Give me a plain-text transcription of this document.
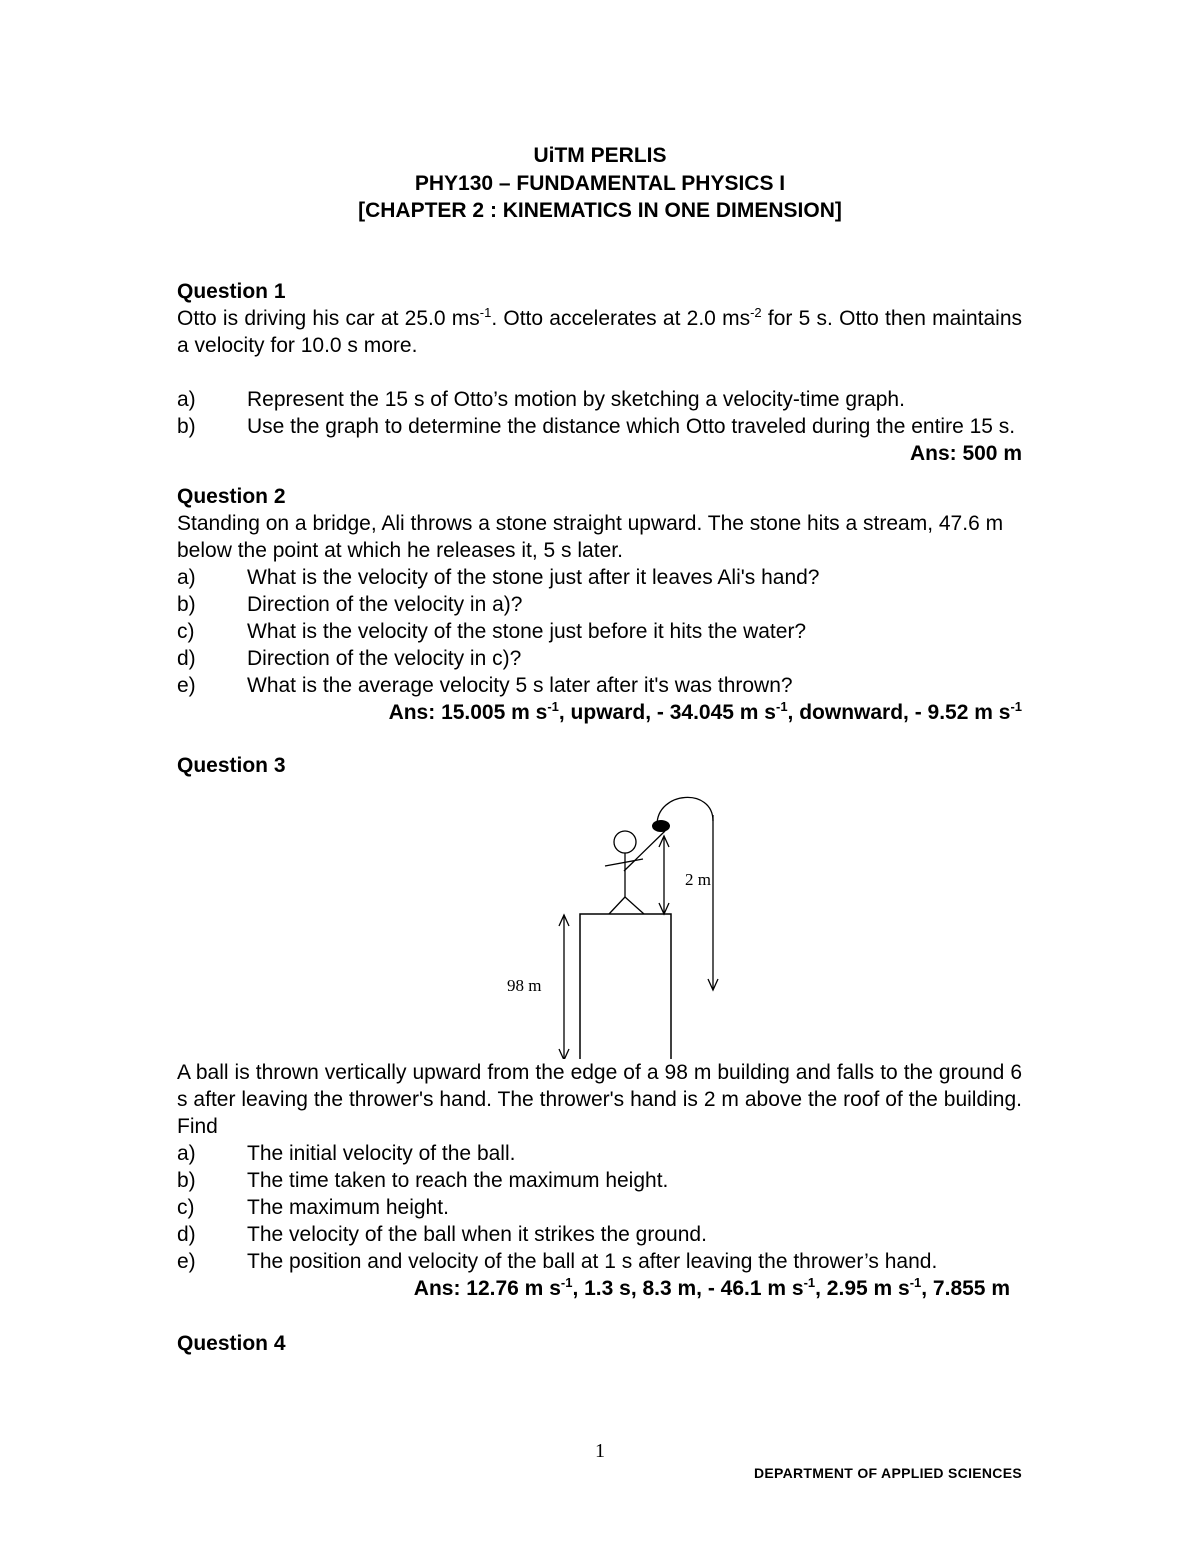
UiTM PERLIS
PHY130 – FUNDAMENTAL PHYSICS I
[CHAPTER 2 : KINEMATICS IN ONE DIMENSION]
Question 1

Otto is driving his car at 25.0 $ms^{-1}$. Otto accelerates at 2.0 $ms^{-2}$ for 5 s. Otto then maintains a velocity for 10.0 s more.

a)	Represent the 15 s of Otto’s motion by sketching a velocity-time graph.
b)	Use the graph to determine the distance which Otto traveled during the entire 15 s.
Ans: 500 m
Question 2

Standing on a bridge, Ali throws a stone straight upward. The stone hits a stream, 47.6 m below the point at which he releases it, 5 s later.

a)	What is the velocity of the stone just after it leaves Ali's hand?
b)	Direction of the velocity in a)?
c)	What is the velocity of the stone just before it hits the water?
d)	Direction of the velocity in c)?
e)	What is the average velocity 5 s later after it's was thrown?
Ans: 15.005 m $s^{-1}$, upward, - 34.045 m $s^{-1}$, downward, - 9.52 m $s^{-1}$
Question 3
2 m
98 m

A ball is thrown vertically upward from the edge of a 98 m building and falls to the ground 6 s after leaving the thrower's hand. The thrower's hand is 2 m above the roof of the building. Find

a)	The initial velocity of the ball.
b)	The time taken to reach the maximum height.
c)	The maximum height.
d)	The velocity of the ball when it strikes the ground.
e)	The position and velocity of the ball at 1 s after leaving the thrower’s hand.
Ans: 12.76 m $s^{-1}$, 1.3 s, 8.3 m, - 46.1 m $s^{-1}$, 2.95 m $s^{-1}$, 7.855 m
Question 4
1
DEPARTMENT OF APPLIED SCIENCES
